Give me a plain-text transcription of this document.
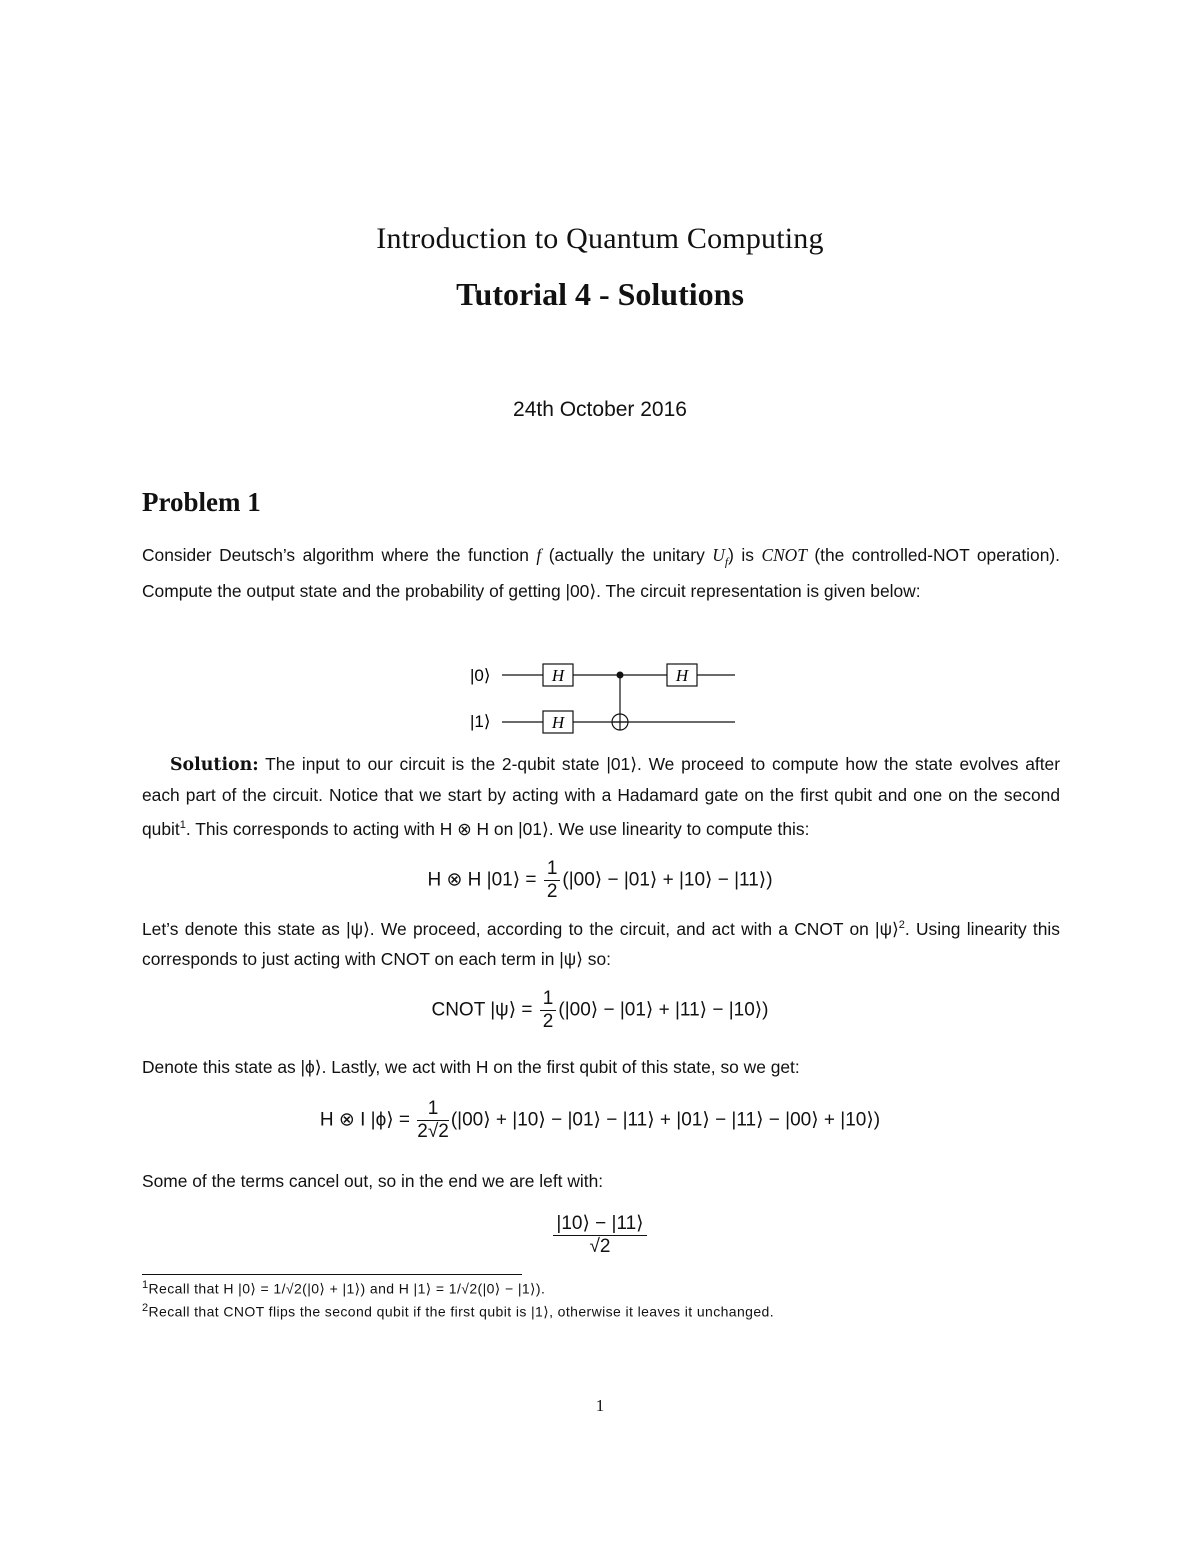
Introduction to Quantum Computing
Tutorial 4 - Solutions
24th October 2016
Problem 1
Consider Deutsch’s algorithm where the function f (actually the unitary $U_f$) is CNOT (the controlled-NOT operation). Compute the output state and the probability of getting |00⟩. The circuit representation is given below:
|0⟩
|1⟩
H	H
H
Solution: The input to our circuit is the 2-qubit state |01⟩. We proceed to compute how the state evolves after each part of the circuit. Notice that we start by acting with a Hadamard gate on the first qubit and one on the second qubit$^1$. This corresponds to acting with H ⊗ H on |01⟩. We use linearity to compute this:
H ⊗ H |01⟩ = $\frac{1}{2}$ (|00⟩ − |01⟩ + |10⟩ − |11⟩)
Let’s denote this state as |ψ⟩. We proceed, according to the circuit, and act with a CNOT on |ψ⟩$^2$. Using linearity this corresponds to just acting with CNOT on each term in |ψ⟩ so:
CNOT |ψ⟩ = $\frac{1}{2}$ (|00⟩ − |01⟩ + |11⟩ − |10⟩)
Denote this state as |ϕ⟩. Lastly, we act with H on the first qubit of this state, so we get:
H ⊗ I |ϕ⟩ = $\frac{1}{2√2}$ (|00⟩ + |10⟩ − |01⟩ − |11⟩ + |01⟩ − |11⟩ − |00⟩ + |10⟩)
Some of the terms cancel out, so in the end we are left with:
$\frac{|10⟩ - |11⟩}{√2}$
$^1$Recall that H |0⟩ = 1/√2(|0⟩ + |1⟩) and H |1⟩ = 1/√2(|0⟩ − |1⟩).
$^2$Recall that CNOT flips the second qubit if the first qubit is |1⟩, otherwise it leaves it unchanged.
1
